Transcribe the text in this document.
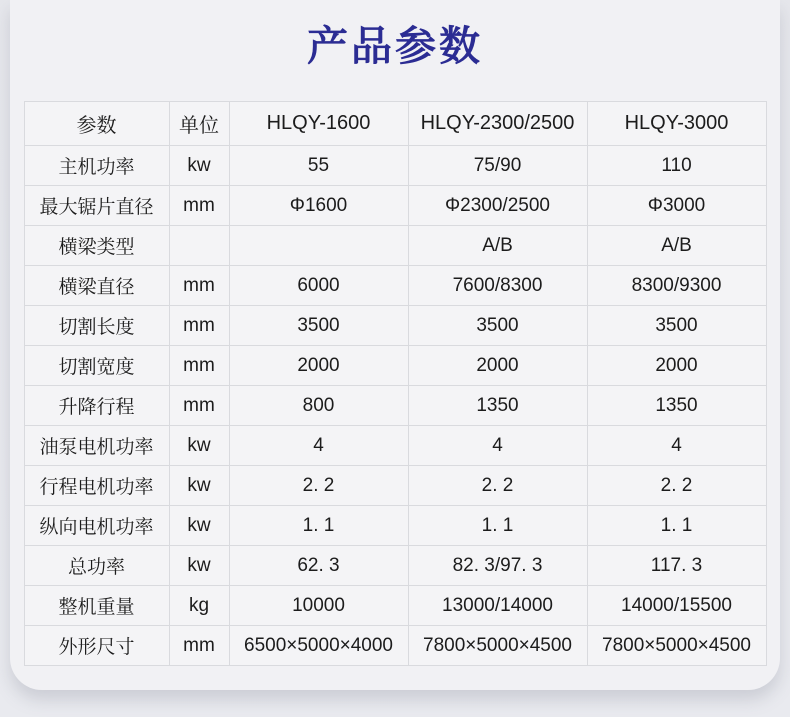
产品参数
参数	单位	HLQY-1600	HLQY-2300/2500	HLQY-3000
主机功率	kw	55	75/90	110
最大锯片直径	mm	Φ1600	Φ2300/2500	Φ3000
横梁类型			A/B	A/B
横梁直径	mm	6000	7600/8300	8300/9300
切割长度	mm	3500	3500	3500
切割宽度	mm	2000	2000	2000
升降行程	mm	800	1350	1350
油泵电机功率	kw	4	4	4
行程电机功率	kw	2. 2	2. 2	2. 2
纵向电机功率	kw	1. 1	1. 1	1. 1
总功率	kw	62. 3	82. 3/97. 3	117. 3
整机重量	kg	10000	13000/14000	14000/15500
外形尺寸	mm	6500×5000×4000	7800×5000×4500	7800×5000×4500
